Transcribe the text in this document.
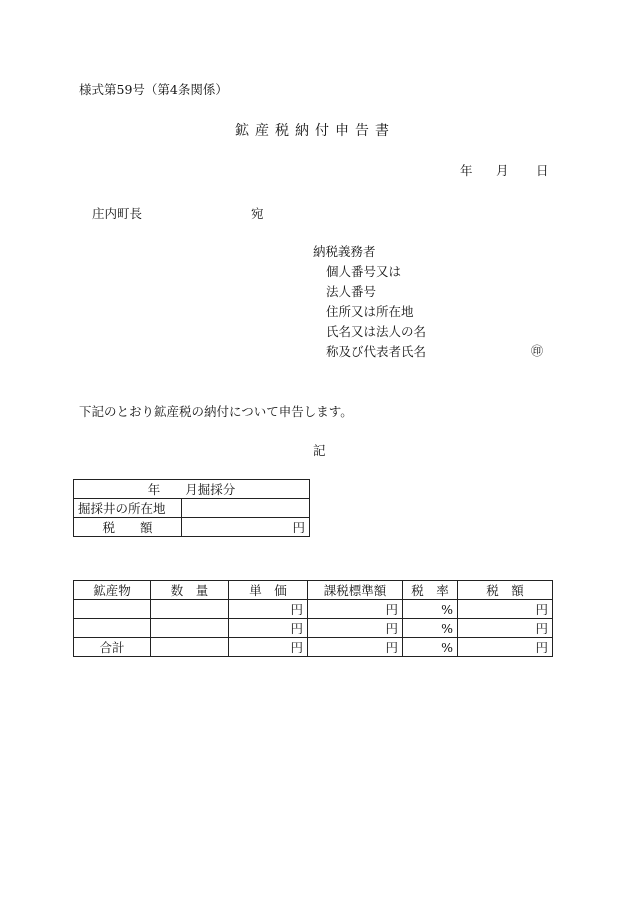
様式第59号（第4条関係）
鉱産税納付申告書
年 月 日
庄内町長	宛
納税義務者
個人番号又は
法人番号
住所又は所在地
氏名又は法人の名
称及び代表者氏名	㊞
下記のとおり鉱産税の納付について申告します。
記
年　　月掘採分	
掘採井の所在地	
税　　額	円
鉱産物	数　量	単　価	課税標準額	税　率	税　額
		円	円	%	円
		円	円	%	円
合計		円	円	%	円
